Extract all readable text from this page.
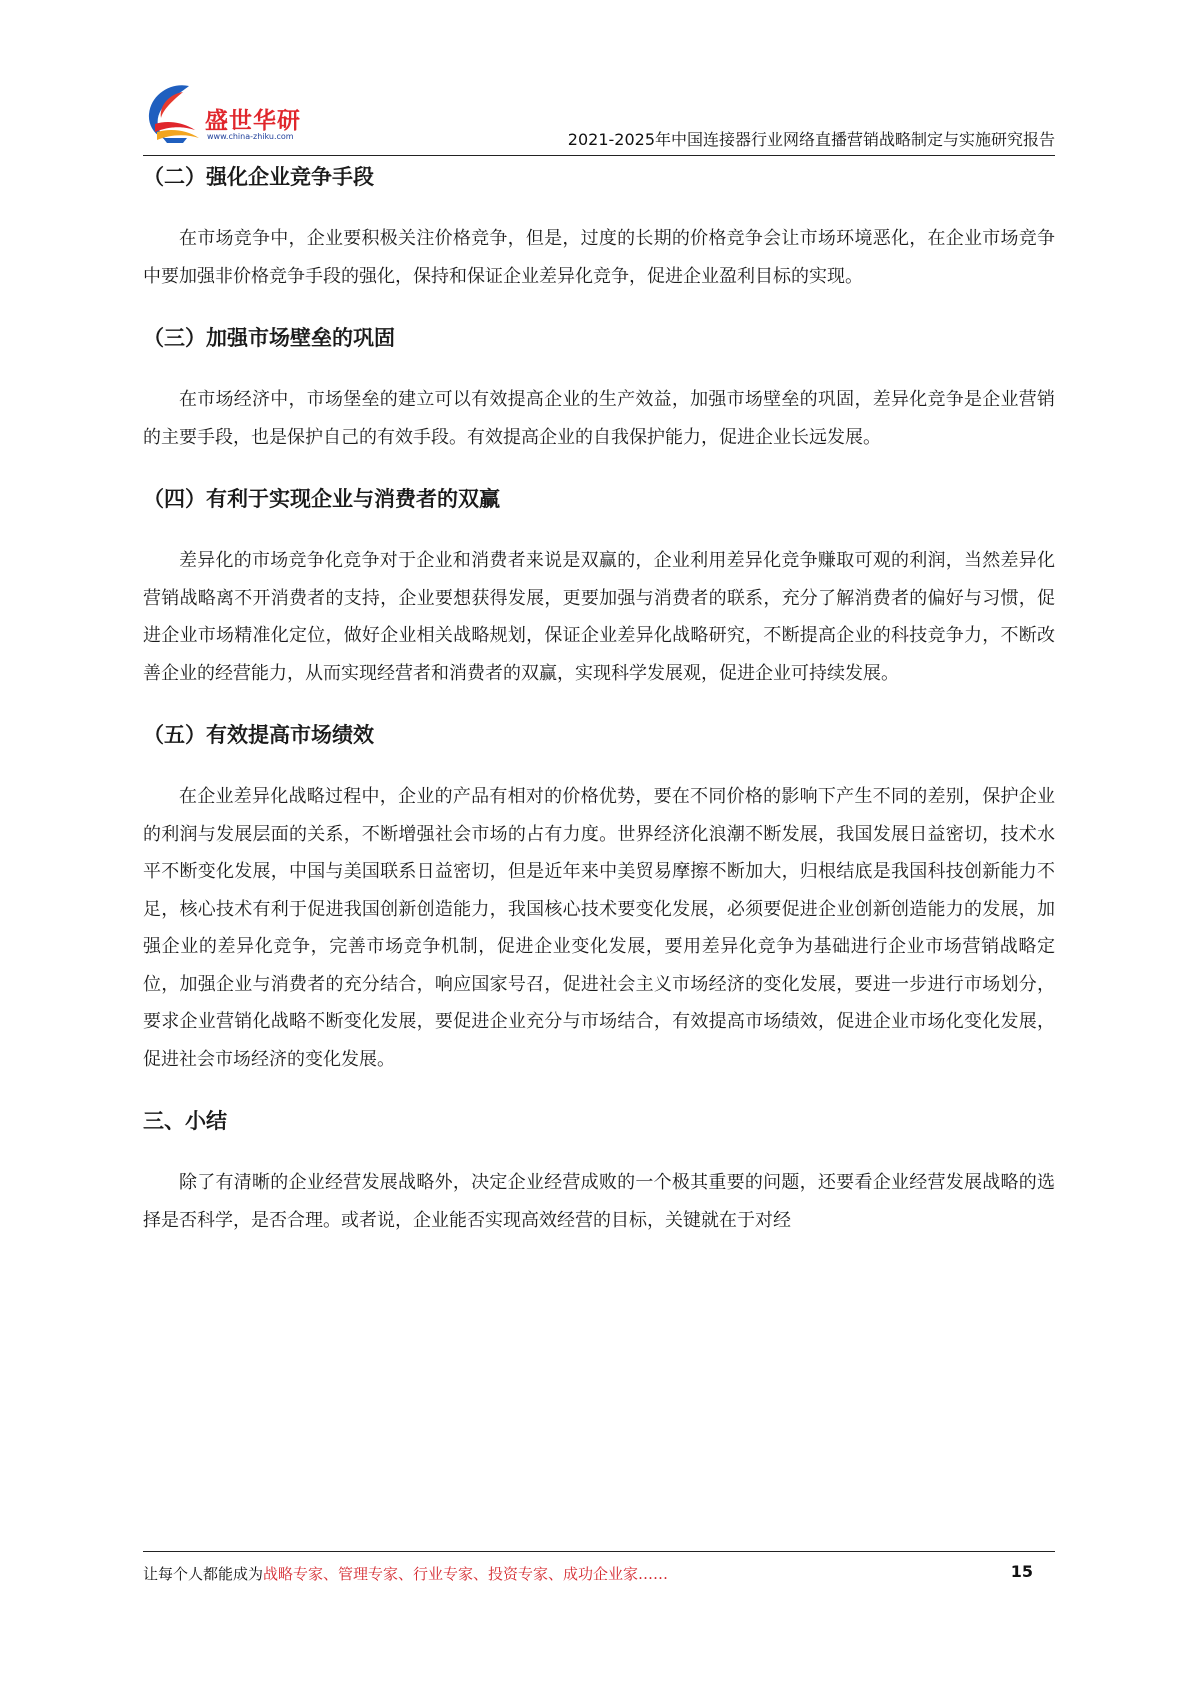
盛世华研
www.china-zhiku.com	2021-2025年中国连接器行业网络直播营销战略制定与实施研究报告
（二）强化企业竞争手段

在市场竞争中，企业要积极关注价格竞争，但是，过度的长期的价格竞争会让市场环境恶化，在企业市场竞争中要加强非价格竞争手段的强化，保持和保证企业差异化竞争，促进企业盈利目标的实现。

（三）加强市场壁垒的巩固

在市场经济中，市场堡垒的建立可以有效提高企业的生产效益，加强市场壁垒的巩固，差异化竞争是企业营销的主要手段，也是保护自己的有效手段。有效提高企业的自我保护能力，促进企业长远发展。

（四）有利于实现企业与消费者的双赢

差异化的市场竞争化竞争对于企业和消费者来说是双赢的，企业利用差异化竞争赚取可观的利润，当然差异化营销战略离不开消费者的支持，企业要想获得发展，更要加强与消费者的联系，充分了解消费者的偏好与习惯，促进企业市场精准化定位，做好企业相关战略规划，保证企业差异化战略研究，不断提高企业的科技竞争力，不断改善企业的经营能力，从而实现经营者和消费者的双赢，实现科学发展观，促进企业可持续发展。

（五）有效提高市场绩效

在企业差异化战略过程中，企业的产品有相对的价格优势，要在不同价格的影响下产生不同的差别，保护企业的利润与发展层面的关系，不断增强社会市场的占有力度。世界经济化浪潮不断发展，我国发展日益密切，技术水平不断变化发展，中国与美国联系日益密切，但是近年来中美贸易摩擦不断加大，归根结底是我国科技创新能力不足，核心技术有利于促进我国创新创造能力，我国核心技术要变化发展，必须要促进企业创新创造能力的发展，加强企业的差异化竞争，完善市场竞争机制，促进企业变化发展，要用差异化竞争为基础进行企业市场营销战略定位，加强企业与消费者的充分结合，响应国家号召，促进社会主义市场经济的变化发展，要进一步进行市场划分，要求企业营销化战略不断变化发展，要促进企业充分与市场结合，有效提高市场绩效，促进企业市场化变化发展，促进社会市场经济的变化发展。

三、小结

除了有清晰的企业经营发展战略外，决定企业经营成败的一个极其重要的问题，还要看企业经营发展战略的选择是否科学，是否合理。或者说，企业能否实现高效经营的目标，关键就在于对经

让每个人都能成为战略专家、管理专家、行业专家、投资专家、成功企业家……	15
